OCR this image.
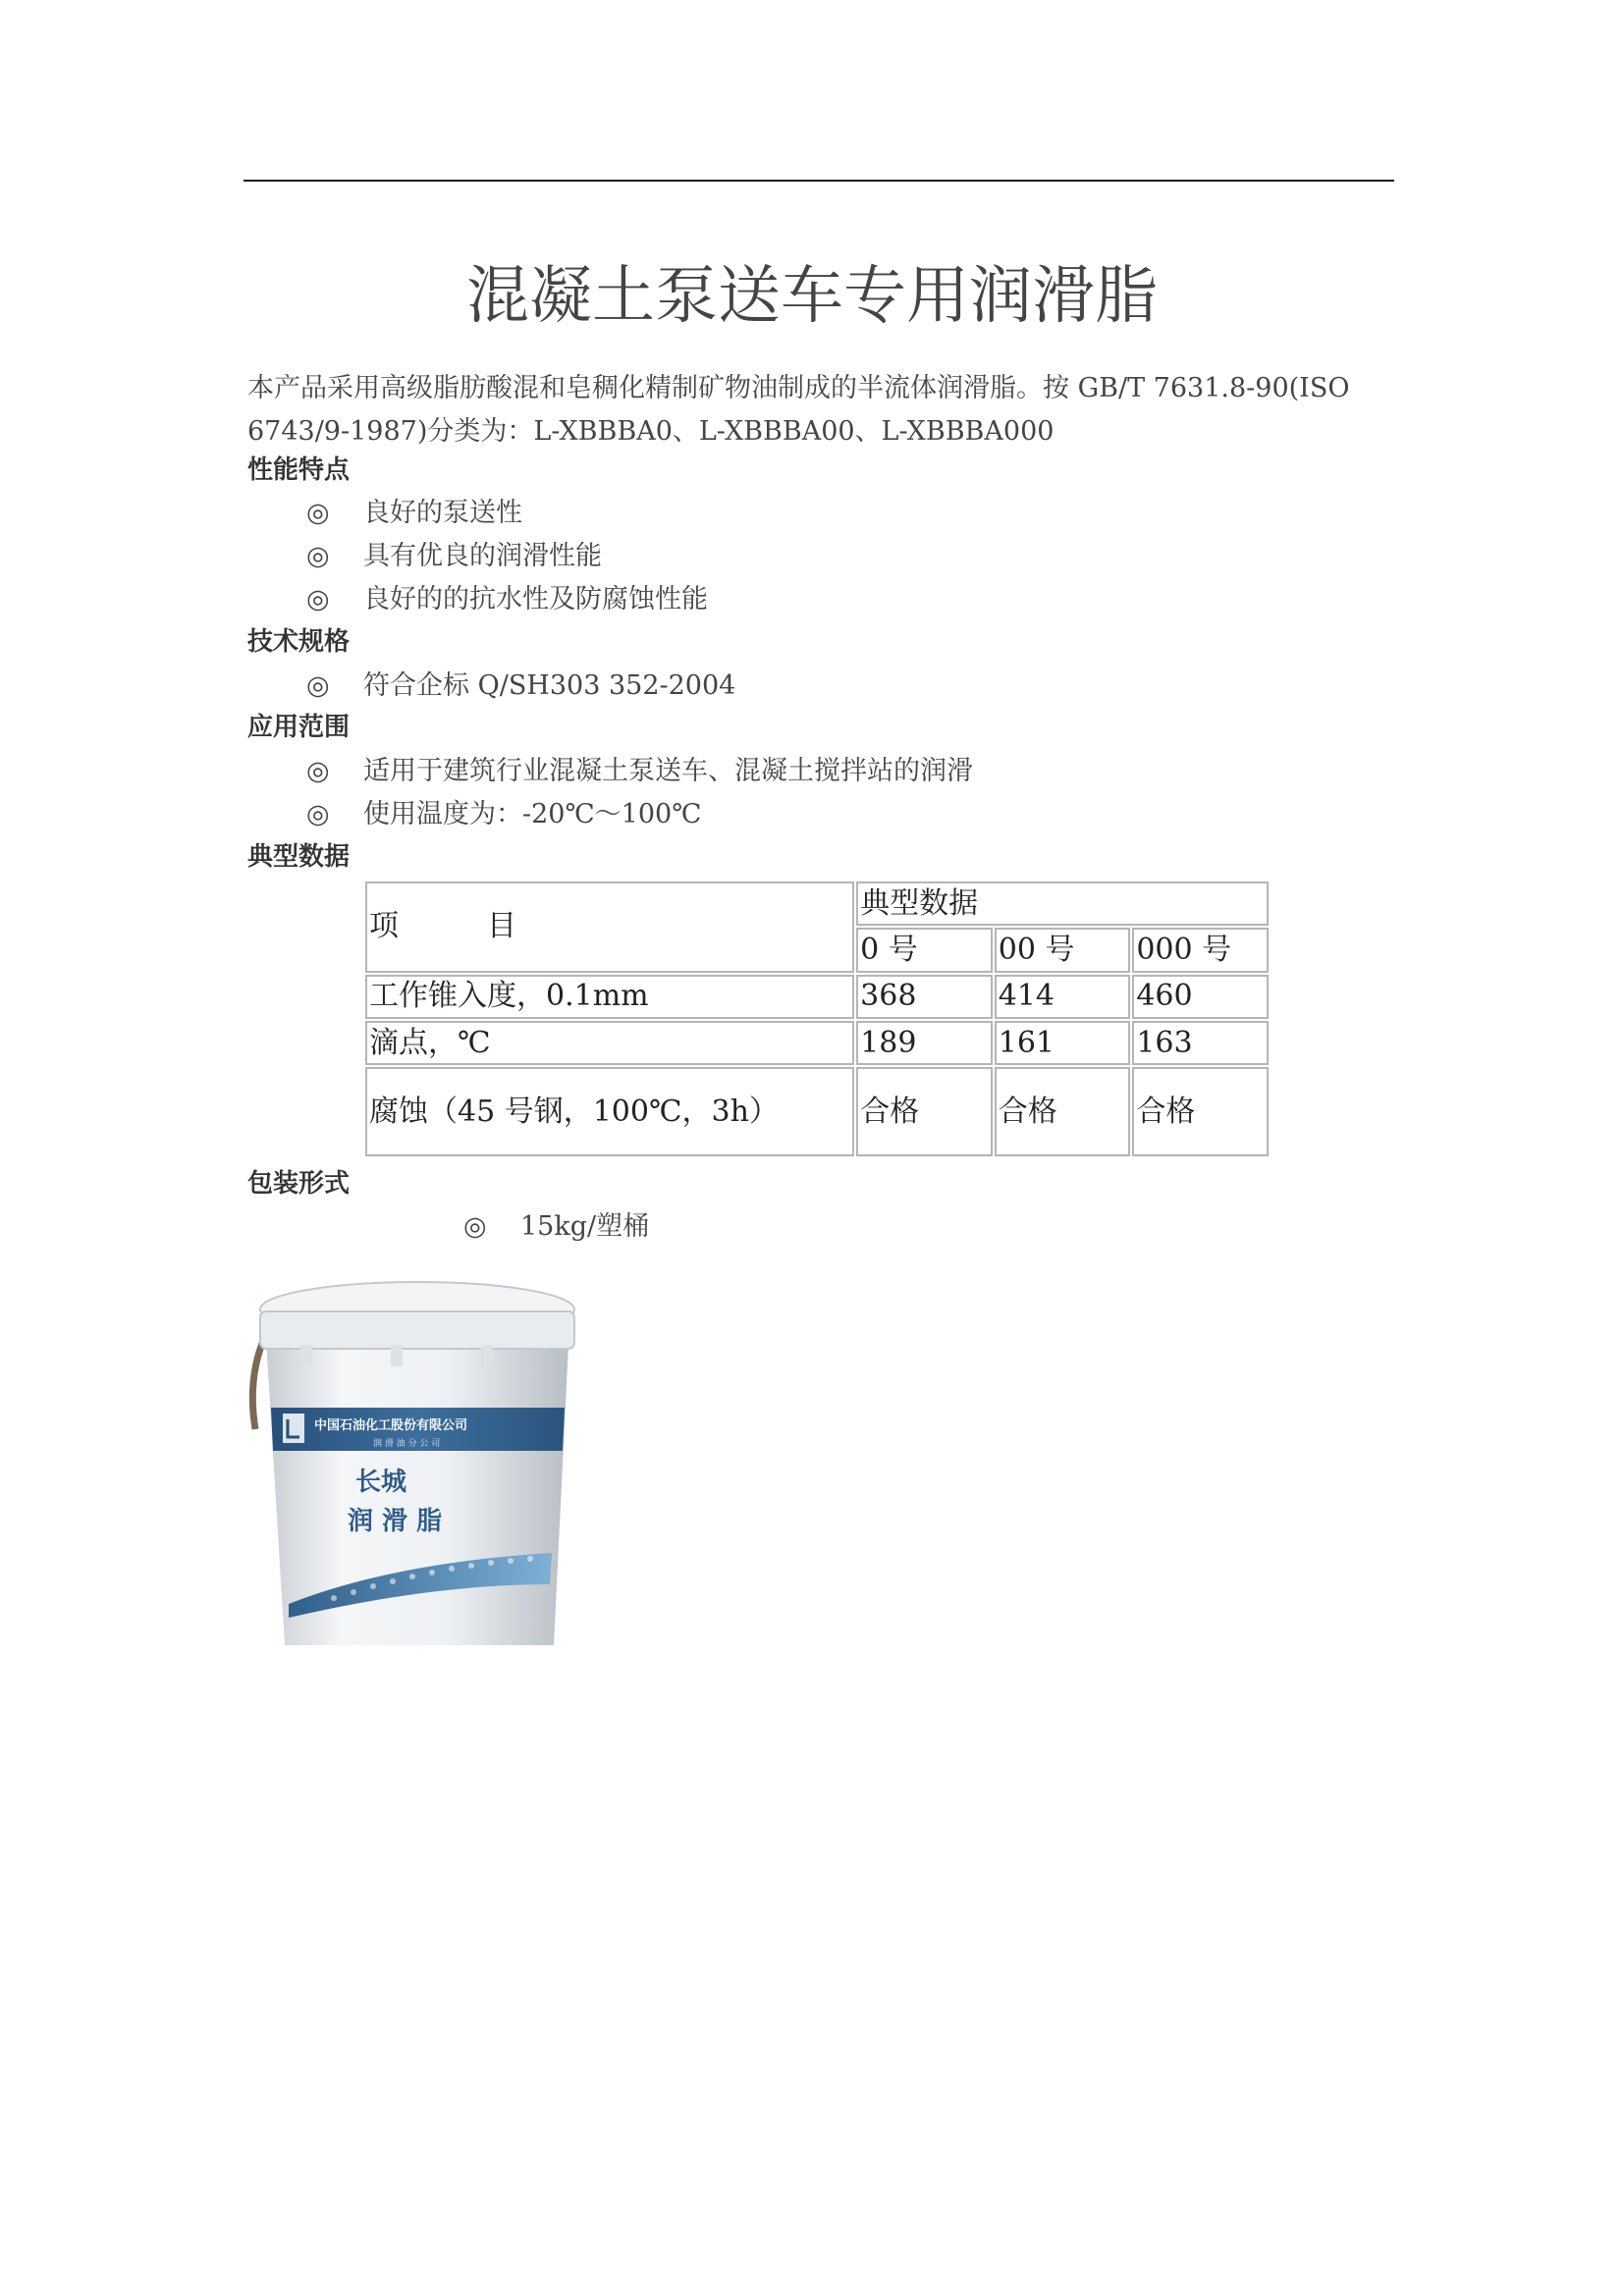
混凝土泵送车专用润滑脂
本产品采用高级脂肪酸混和皂稠化精制矿物油制成的半流体润滑脂。按 GB/T 7631.8-90(ISO 6743/9-1987)分类为：L-XBBBA0、L-XBBBA00、L-XBBBA000
性能特点
◎ 良好的泵送性
◎ 具有优良的润滑性能
◎ 良好的的抗水性及防腐蚀性能
技术规格
◎ 符合企标 Q/SH303 352-2004
应用范围
◎ 适用于建筑行业混凝土泵送车、混凝土搅拌站的润滑
◎ 使用温度为：-20℃～100℃
典型数据
项　　　目	典型数据		
	0 号	00 号	000 号
工作锥入度，0.1mm	368	414	460
滴点，℃	189	161	163
腐蚀（45 号钢，100℃，3h）	合格	合格	合格
包装形式
◎ 15kg/塑桶
中国石油化工股份有限公司
润 滑 油 分 公 司
长城
润 滑 脂
